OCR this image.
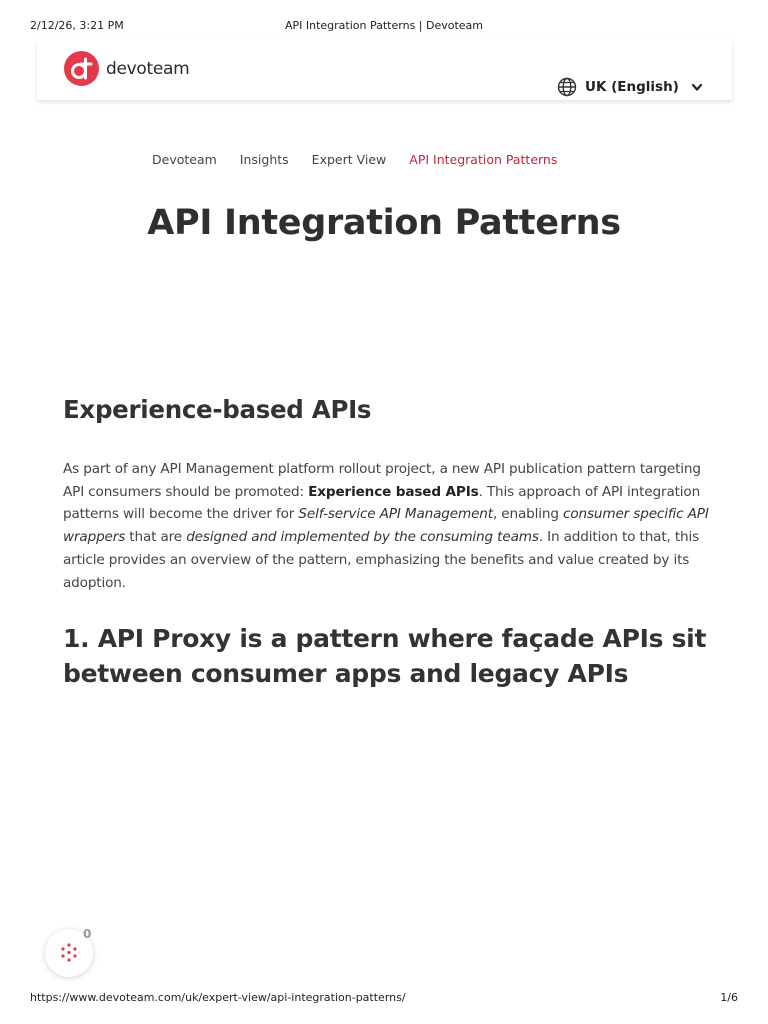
2/12/26, 3:21 PM	API Integration Patterns | Devoteam
devoteam
UK (English)
Devoteam Insights Expert View API Integration Patterns
API Integration Patterns
Experience-based APIs

As part of any API Management platform rollout project, a new API publication pattern targeting API consumers should be promoted: Experience based APIs. This approach of API integration patterns will become the driver for Self-service API Management, enabling consumer specific API wrappers that are designed and implemented by the consuming teams. In addition to that, this article provides an overview of the pattern, emphasizing the benefits and value created by its adoption.

1. API Proxy is a pattern where façade APIs sit between consumer apps and legacy APIs
0
https://www.devoteam.com/uk/expert-view/api-integration-patterns/	1/6
